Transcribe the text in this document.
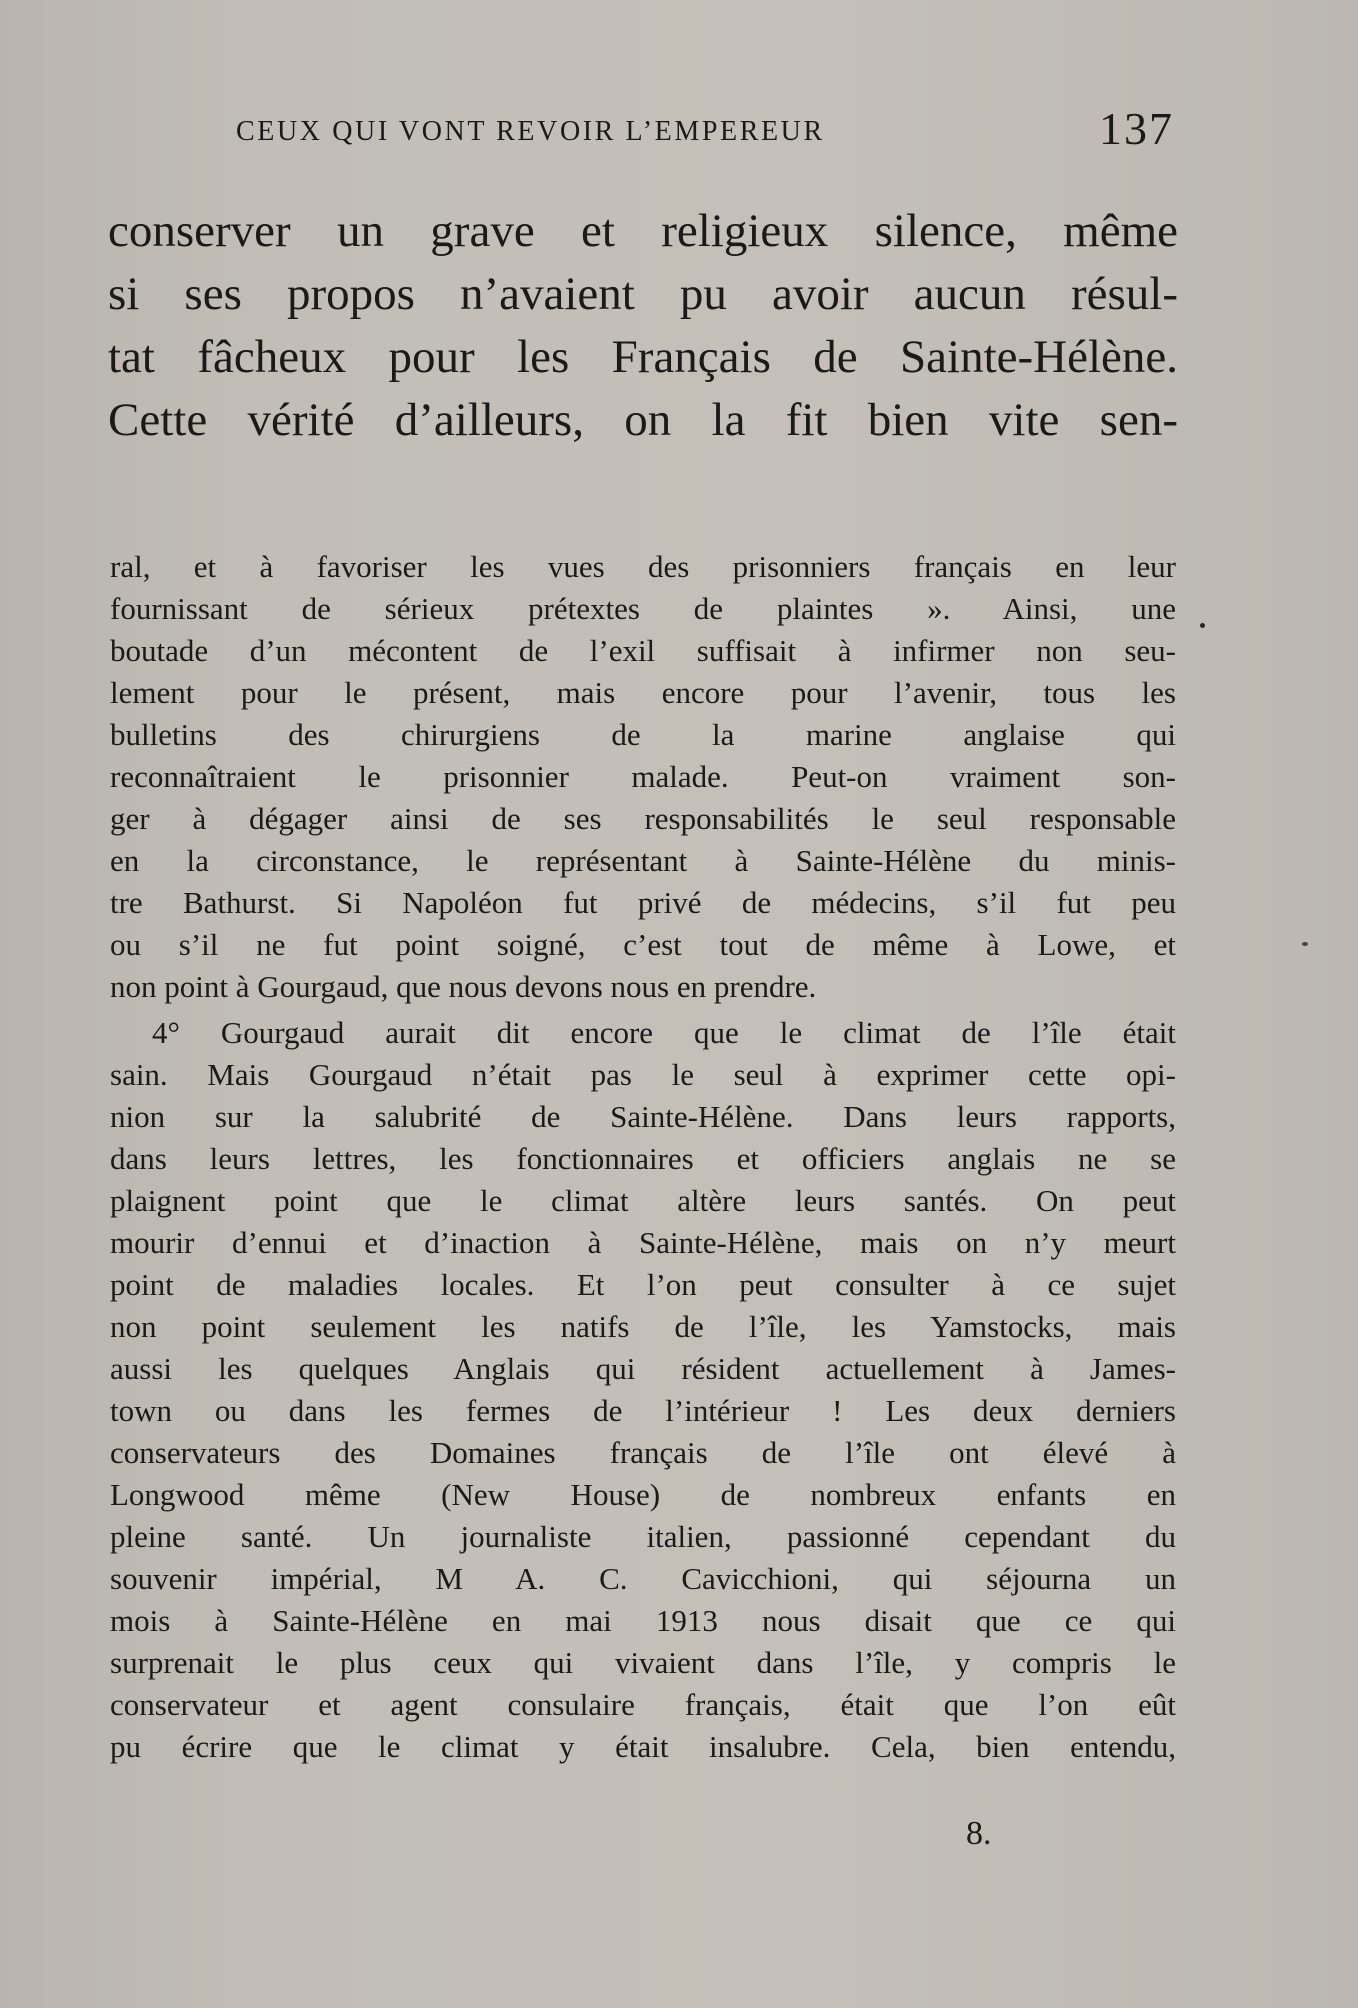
CEUX QUI VONT REVOIR L’EMPEREUR	137
conserver un grave et religieux silence, même
si ses propos n’avaient pu avoir aucun résul-
tat fâcheux pour les Français de Sainte-Hélène.
Cette vérité d’ailleurs, on la fit bien vite sen-
ral, et à favoriser les vues des prisonniers français en leur
fournissant de sérieux prétextes de plaintes ». Ainsi, une
boutade d’un mécontent de l’exil suffisait à infirmer non seu-
lement pour le présent, mais encore pour l’avenir, tous les
bulletins des chirurgiens de la marine anglaise qui
reconnaîtraient le prisonnier malade. Peut-on vraiment son-
ger à dégager ainsi de ses responsabilités le seul responsable
en la circonstance, le représentant à Sainte-Hélène du minis-
tre Bathurst. Si Napoléon fut privé de médecins, s’il fut peu
ou s’il ne fut point soigné, c’est tout de même à Lowe, et
non point à Gourgaud, que nous devons nous en prendre.
4° Gourgaud aurait dit encore que le climat de l’île était
sain. Mais Gourgaud n’était pas le seul à exprimer cette opi-
nion sur la salubrité de Sainte-Hélène. Dans leurs rapports,
dans leurs lettres, les fonctionnaires et officiers anglais ne se
plaignent point que le climat altère leurs santés. On peut
mourir d’ennui et d’inaction à Sainte-Hélène, mais on n’y meurt
point de maladies locales. Et l’on peut consulter à ce sujet
non point seulement les natifs de l’île, les Yamstocks, mais
aussi les quelques Anglais qui résident actuellement à James-
town ou dans les fermes de l’intérieur ! Les deux derniers
conservateurs des Domaines français de l’île ont élevé à
Longwood même (New House) de nombreux enfants en
pleine santé. Un journaliste italien, passionné cependant du
souvenir impérial, M A. C. Cavicchioni, qui séjourna un
mois à Sainte-Hélène en mai 1913 nous disait que ce qui
surprenait le plus ceux qui vivaient dans l’île, y compris le
conservateur et agent consulaire français, était que l’on eût
pu écrire que le climat y était insalubre. Cela, bien entendu,
8.
